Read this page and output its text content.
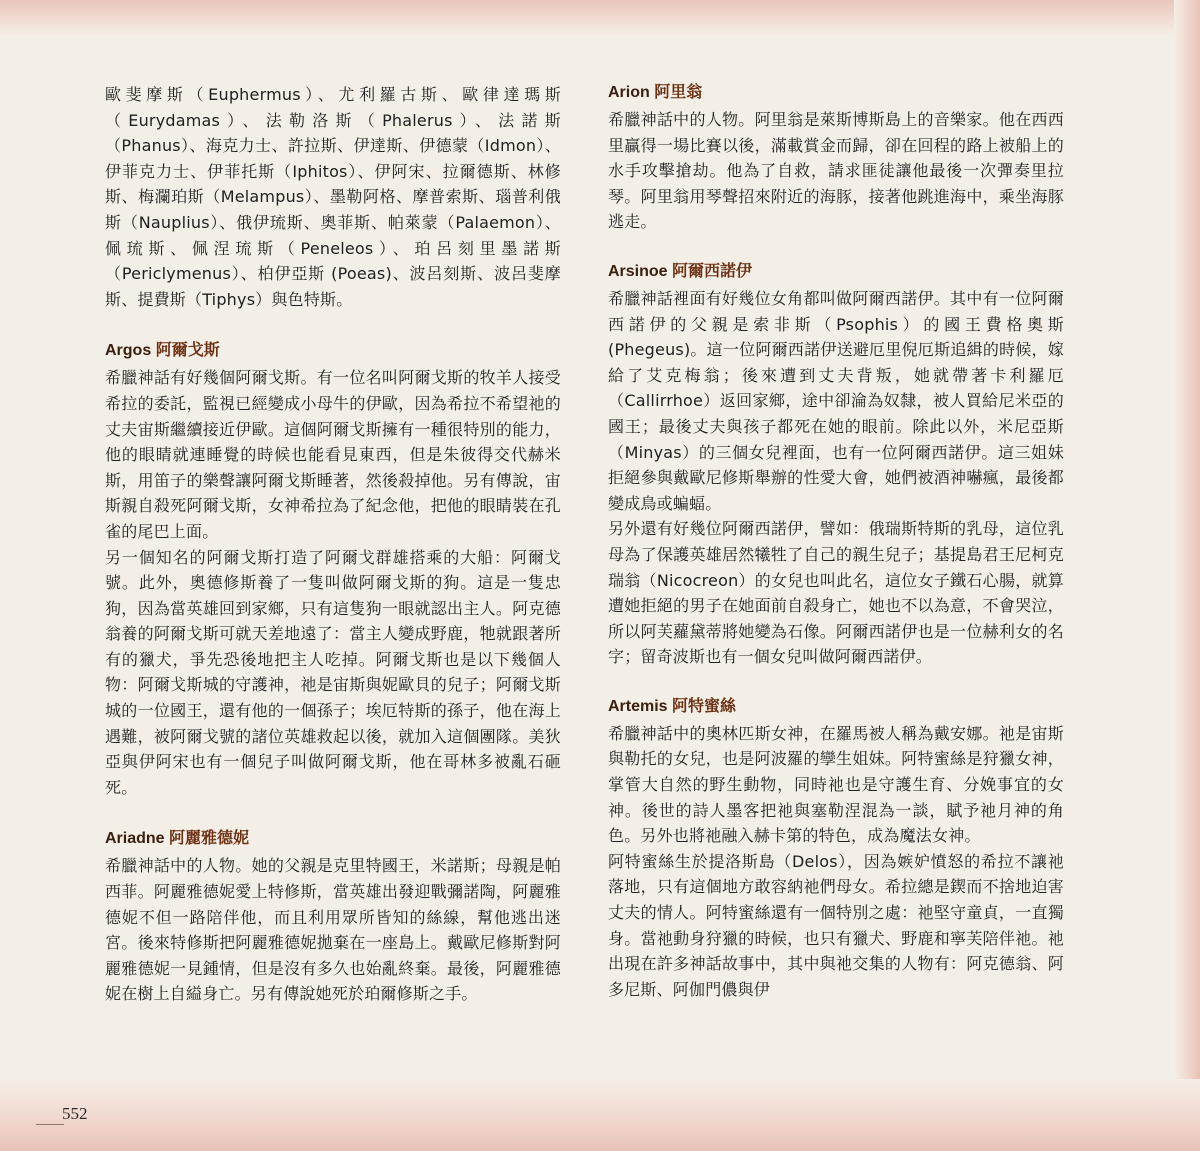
歐斐摩斯（Euphermus）、尤利羅古斯、歐律達瑪斯（Eurydamas）、法勒洛斯（Phalerus）、法諾斯（Phanus）、海克力士、許拉斯、伊達斯、伊德蒙（Idmon）、伊菲克力士、伊菲托斯（Iphitos）、伊阿宋、拉爾德斯、林修斯、梅瀾珀斯（Melampus）、墨勒阿格、摩普索斯、瑙普利俄斯（Nauplius）、俄伊琉斯、奧菲斯、帕萊蒙（Palaemon）、佩琉斯、佩涅琉斯（Peneleos）、珀呂刻里墨諾斯（Periclymenus）、柏伊亞斯 (Poeas)、波呂刻斯、波呂斐摩斯、提費斯（Tiphys）與色特斯。

Argos 阿爾戈斯

希臘神話有好幾個阿爾戈斯。有一位名叫阿爾戈斯的牧羊人接受希拉的委託，監視已經變成小母牛的伊歐，因為希拉不希望祂的丈夫宙斯繼續接近伊歐。這個阿爾戈斯擁有一種很特別的能力，他的眼睛就連睡覺的時候也能看見東西，但是朱彼得交代赫米斯，用笛子的樂聲讓阿爾戈斯睡著，然後殺掉他。另有傳說，宙斯親自殺死阿爾戈斯，女神希拉為了紀念他，把他的眼睛裝在孔雀的尾巴上面。

另一個知名的阿爾戈斯打造了阿爾戈群雄搭乘的大船：阿爾戈號。此外，奧德修斯養了一隻叫做阿爾戈斯的狗。這是一隻忠狗，因為當英雄回到家鄉，只有這隻狗一眼就認出主人。阿克德翁養的阿爾戈斯可就天差地遠了：當主人變成野鹿，牠就跟著所有的獵犬，爭先恐後地把主人吃掉。阿爾戈斯也是以下幾個人物：阿爾戈斯城的守護神，祂是宙斯與妮歐貝的兒子；阿爾戈斯城的一位國王，還有他的一個孫子；埃厄特斯的孫子，他在海上遇難，被阿爾戈號的諸位英雄救起以後，就加入這個團隊。美狄亞與伊阿宋也有一個兒子叫做阿爾戈斯，他在哥林多被亂石砸死。

Ariadne 阿麗雅德妮

希臘神話中的人物。她的父親是克里特國王，米諾斯；母親是帕西菲。阿麗雅德妮愛上特修斯，當英雄出發迎戰彌諾陶，阿麗雅德妮不但一路陪伴他，而且利用眾所皆知的絲線，幫他逃出迷宮。後來特修斯把阿麗雅德妮拋棄在一座島上。戴歐尼修斯對阿麗雅德妮一見鍾情，但是沒有多久也始亂終棄。最後，阿麗雅德妮在樹上自縊身亡。另有傳說她死於珀爾修斯之手。

Arion 阿里翁

希臘神話中的人物。阿里翁是萊斯博斯島上的音樂家。他在西西里贏得一場比賽以後，滿載賞金而歸，卻在回程的路上被船上的水手攻擊搶劫。他為了自救，請求匪徒讓他最後一次彈奏里拉琴。阿里翁用琴聲招來附近的海豚，接著他跳進海中，乘坐海豚逃走。

Arsinoe 阿爾西諾伊

希臘神話裡面有好幾位女角都叫做阿爾西諾伊。其中有一位阿爾西諾伊的父親是索非斯（Psophis）的國王費格奧斯 (Phegeus)。這一位阿爾西諾伊送避厄里倪厄斯追緝的時候，嫁給了艾克梅翁；後來遭到丈夫背叛，她就帶著卡利羅厄（Callirrhoe）返回家鄉，途中卻淪為奴隸，被人買給尼米亞的國王；最後丈夫與孩子都死在她的眼前。除此以外，米尼亞斯（Minyas）的三個女兒裡面，也有一位阿爾西諾伊。這三姐妹拒絕參與戴歐尼修斯舉辦的性愛大會，她們被酒神嚇瘋，最後都變成鳥或蝙蝠。

另外還有好幾位阿爾西諾伊，譬如：俄瑞斯特斯的乳母，這位乳母為了保護英雄居然犧牲了自己的親生兒子；基提島君王尼柯克瑞翁（Nicocreon）的女兒也叫此名，這位女子鐵石心腸，就算遭她拒絕的男子在她面前自殺身亡，她也不以為意，不會哭泣，所以阿芙蘿黛蒂將她變為石像。阿爾西諾伊也是一位赫利女的名字；留奇波斯也有一個女兒叫做阿爾西諾伊。

Artemis 阿特蜜絲

希臘神話中的奧林匹斯女神，在羅馬被人稱為戴安娜。祂是宙斯與勒托的女兒，也是阿波羅的孿生姐妹。阿特蜜絲是狩獵女神，掌管大自然的野生動物，同時祂也是守護生育、分娩事宜的女神。後世的詩人墨客把祂與塞勒涅混為一談，賦予祂月神的角色。另外也將祂融入赫卡第的特色，成為魔法女神。

阿特蜜絲生於提洛斯島（Delos），因為嫉妒憤怒的希拉不讓祂落地，只有這個地方敢容納祂們母女。希拉總是鍥而不捨地迫害丈夫的情人。阿特蜜絲還有一個特別之處：祂堅守童貞，一直獨身。當祂動身狩獵的時候，也只有獵犬、野鹿和寧芙陪伴祂。祂出現在許多神話故事中，其中與祂交集的人物有：阿克德翁、阿多尼斯、阿伽門儂與伊

552
